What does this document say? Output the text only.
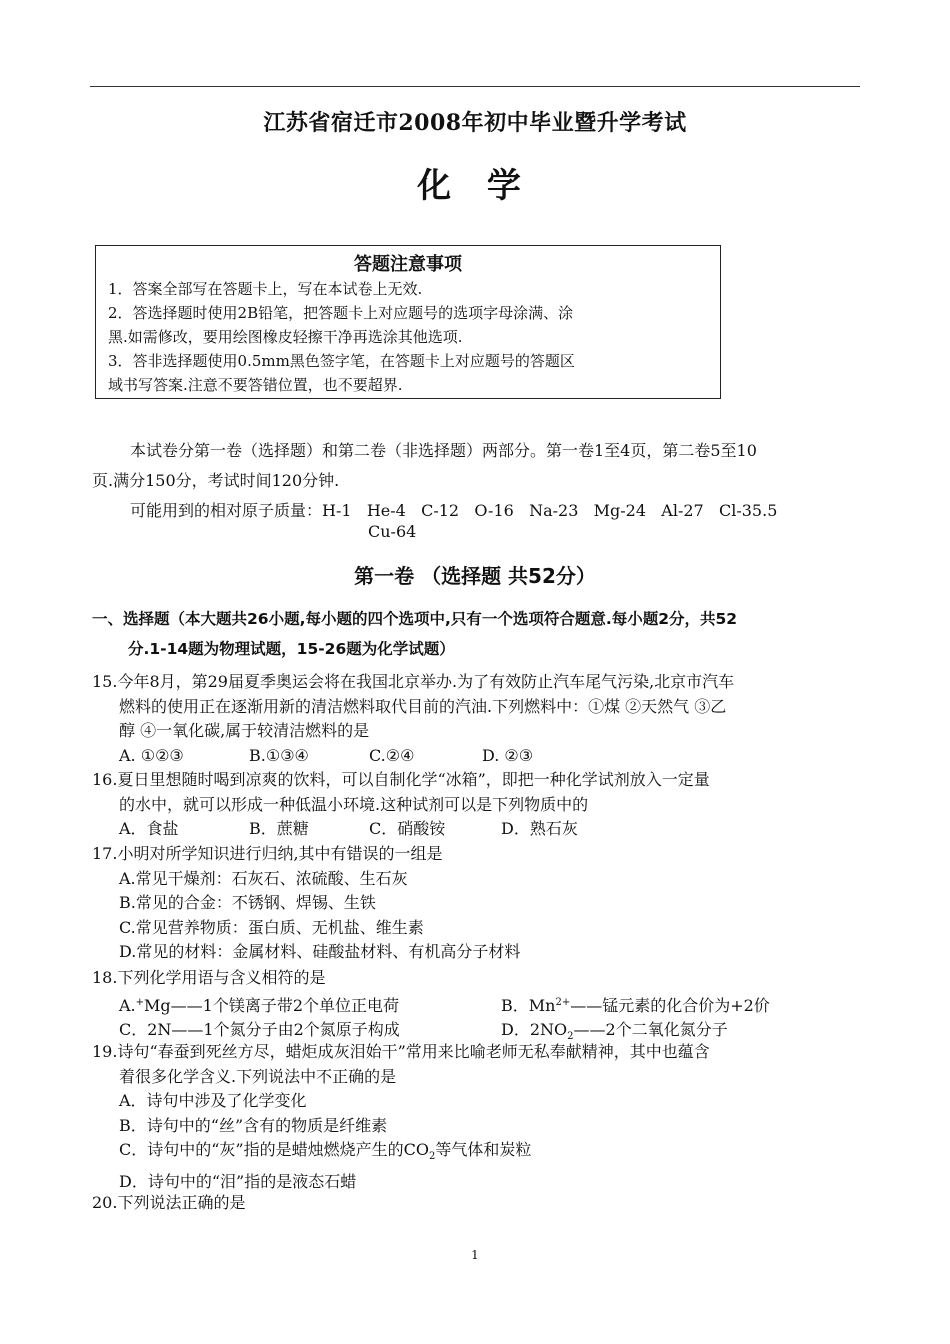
江苏省宿迁市2008年初中毕业暨升学考试
化 学
答题注意事项

1．答案全部写在答题卡上，写在本试卷上无效.

2．答选择题时使用2B铅笔，把答题卡上对应题号的选项字母涂满、涂

黑.如需修改，要用绘图橡皮轻擦干净再选涂其他选项.

3．答非选择题使用0.5mm黑色签字笔，在答题卡上对应题号的答题区

域书写答案.注意不要答错位置，也不要超界.

本试卷分第一卷（选择题）和第二卷（非选择题）两部分。第一卷1至4页，第二卷5至10
页.满分150分，考试时间120分钟.
可能用到的相对原子质量：H-1   He-4   C-12   O-16   Na-23   Mg-24   Al-27   Cl-35.5
Cu-64
第一卷 （选择题 共52分）
一、选择题（本大题共26小题,每小题的四个选项中,只有一个选项符合题意.每小题2分，共52
分.1-14题为物理试题，15-26题为化学试题）
15.今年8月，第29届夏季奥运会将在我国北京举办.为了有效防止汽车尾气污染,北京市汽车
燃料的使用正在逐渐用新的清洁燃料取代目前的汽油.下列燃料中：①煤 ②天然气 ③乙
醇 ④一氧化碳,属于较清洁燃料的是
A. ①②③	B.①③④	C.②④	D. ②③
16.夏日里想随时喝到凉爽的饮料，可以自制化学“冰箱”，即把一种化学试剂放入一定量
的水中，就可以形成一种低温小环境.这种试剂可以是下列物质中的
A．食盐	B．蔗糖	C．硝酸铵	D．熟石灰
17.小明对所学知识进行归纳,其中有错误的一组是
A.常见干燥剂：石灰石、浓硫酸、生石灰
B.常见的合金：不锈钢、焊锡、生铁
C.常见营养物质：蛋白质、无机盐、维生素
D.常见的材料：金属材料、硅酸盐材料、有机高分子材料
18.下列化学用语与含义相符的是
A.+Mg——1个镁离子带2个单位正电荷	B．$Mn^{2+}——$锰元素的化合价为+2价
C．2N——1个氮分子由2个氮原子构成	D．$2NO_2——2$个二氧化氮分子
19.诗句“春蚕到死丝方尽，蜡炬成灰泪始干”常用来比喻老师无私奉献精神，其中也蕴含
着很多化学含义.下列说法中不正确的是
A．诗句中涉及了化学变化
B．诗句中的“丝”含有的物质是纤维素
C．诗句中的“灰”指的是蜡烛燃烧产生的$CO_2$等气体和炭粒
D．诗句中的“泪”指的是液态石蜡
20.下列说法正确的是
1
